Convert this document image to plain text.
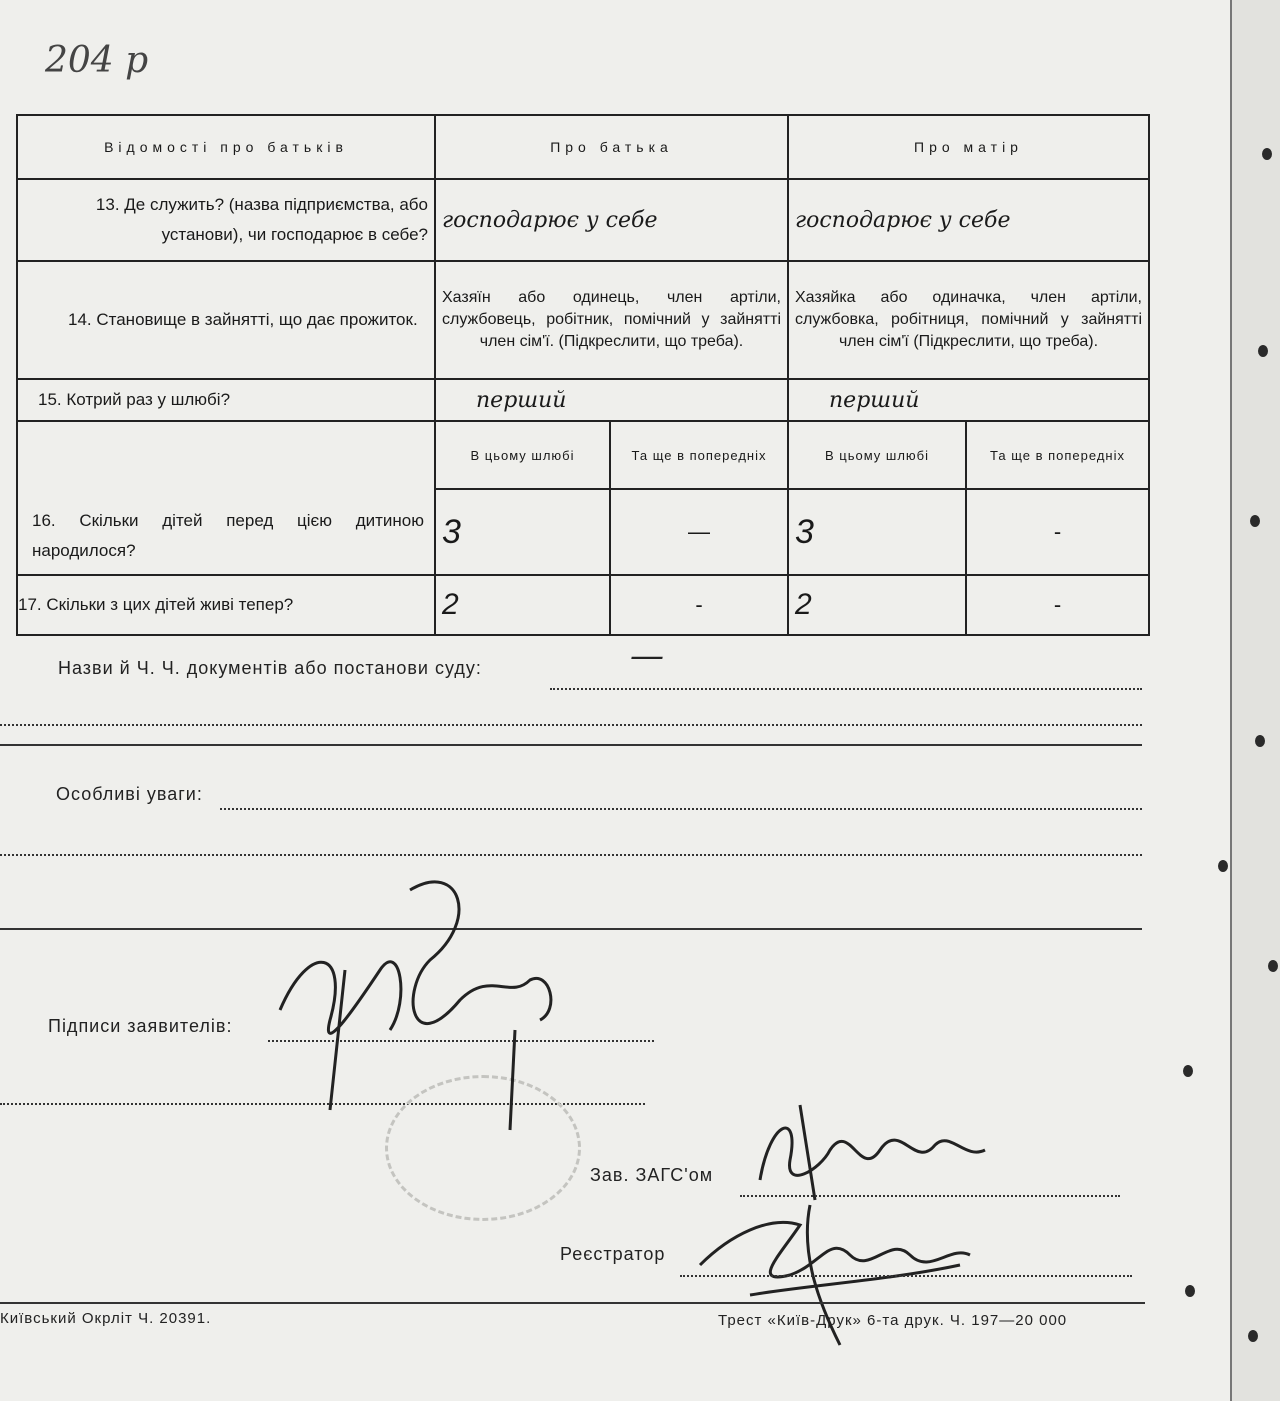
204 р
Відомості про батьків	Про батька		Про матір	
13. Де служить? (назва підприємства, або установи), чи господарює в себе?	господарює у себе		господарює у себе	
14. Становище в зайнятті, що дає прожиток.	Хазяїн або одинець, член артіли, службовець, робітник, помічний у зайнятті член сім'ї. (Підкреслити, що треба).		Хазяйка або одиначка, член артіли, службовка, робітниця, помічний у зайнятті член сім'ї (Підкреслити, що треба).	
15. Котрий раз у шлюбі?	перший		перший	
16. Скільки дітей перед цією дитиною народилося?	В цьому шлюбі	Та ще в попередніх	В цьому шлюбі	Та ще в попередніх
	3	—	3	-
17. Скільки з цих дітей живі тепер?	2	-	2	-
Назви й Ч. Ч. документів або постанови суду:	—
Особливі уваги:
Підписи заявителів:
Зав. ЗАГС'ом
Реєстратор
Київський Окрліт Ч. 20391.	Трест «Київ-Друк» 6-та друк. Ч. 197—20 000
